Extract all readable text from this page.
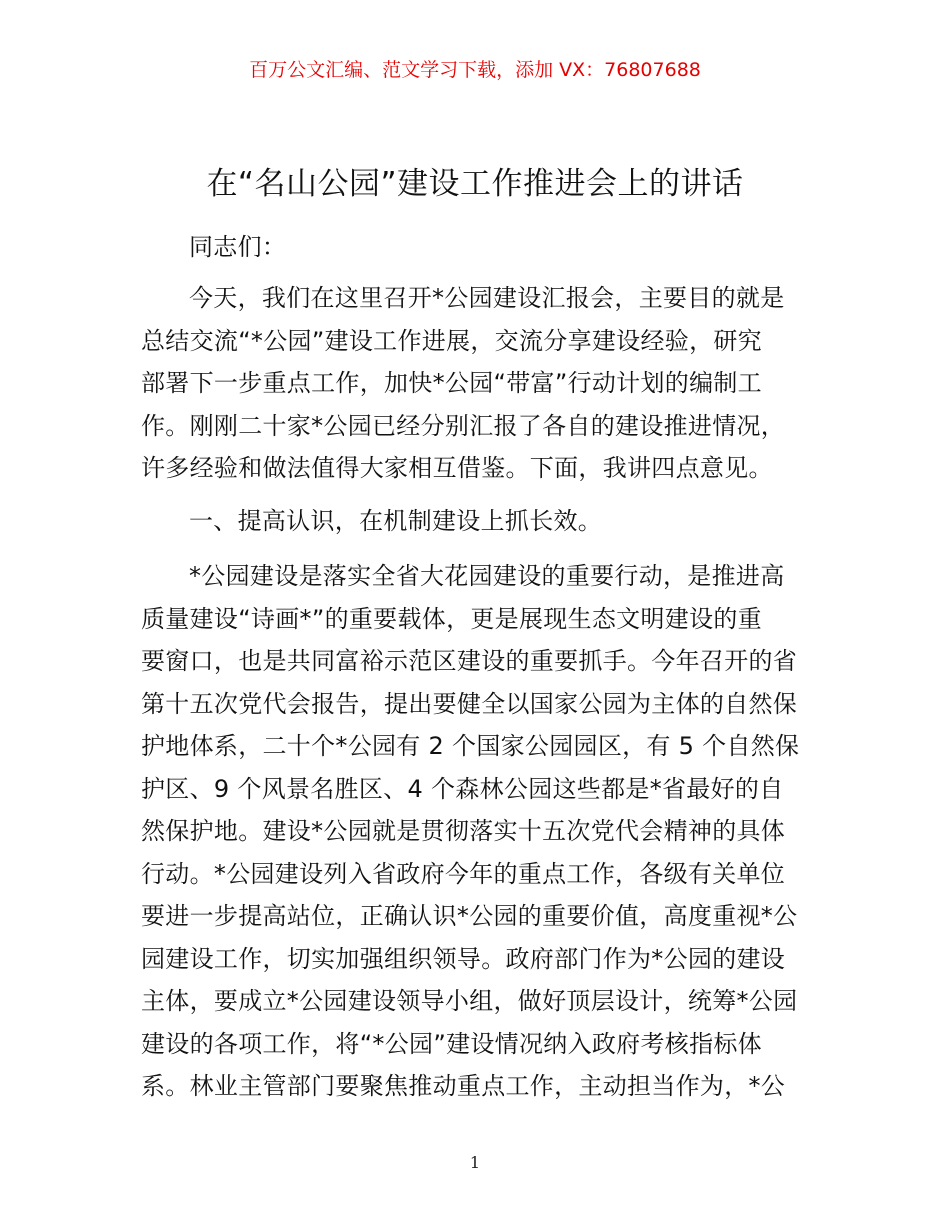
百万公文汇编、范文学习下载，添加 VX：76807688
在“名山公园”建设工作推进会上的讲话
同志们：
今天，我们在这里召开*公园建设汇报会，主要目的就是
总结交流“*公园”建设工作进展，交流分享建设经验，研究
部署下一步重点工作，加快*公园“带富”行动计划的编制工
作。刚刚二十家*公园已经分别汇报了各自的建设推进情况，
许多经验和做法值得大家相互借鉴。下面，我讲四点意见。
一、提高认识，在机制建设上抓长效。
*公园建设是落实全省大花园建设的重要行动，是推进高
质量建设“诗画*”的重要载体，更是展现生态文明建设的重
要窗口，也是共同富裕示范区建设的重要抓手。今年召开的省
第十五次党代会报告，提出要健全以国家公园为主体的自然保
护地体系，二十个*公园有 2 个国家公园园区，有 5 个自然保
护区、9 个风景名胜区、4 个森林公园这些都是*省最好的自
然保护地。建设*公园就是贯彻落实十五次党代会精神的具体
行动。*公园建设列入省政府今年的重点工作，各级有关单位
要进一步提高站位，正确认识*公园的重要价值，高度重视*公
园建设工作，切实加强组织领导。政府部门作为*公园的建设
主体，要成立*公园建设领导小组，做好顶层设计，统筹*公园
建设的各项工作，将“*公园”建设情况纳入政府考核指标体
系。林业主管部门要聚焦推动重点工作，主动担当作为，*公
1
